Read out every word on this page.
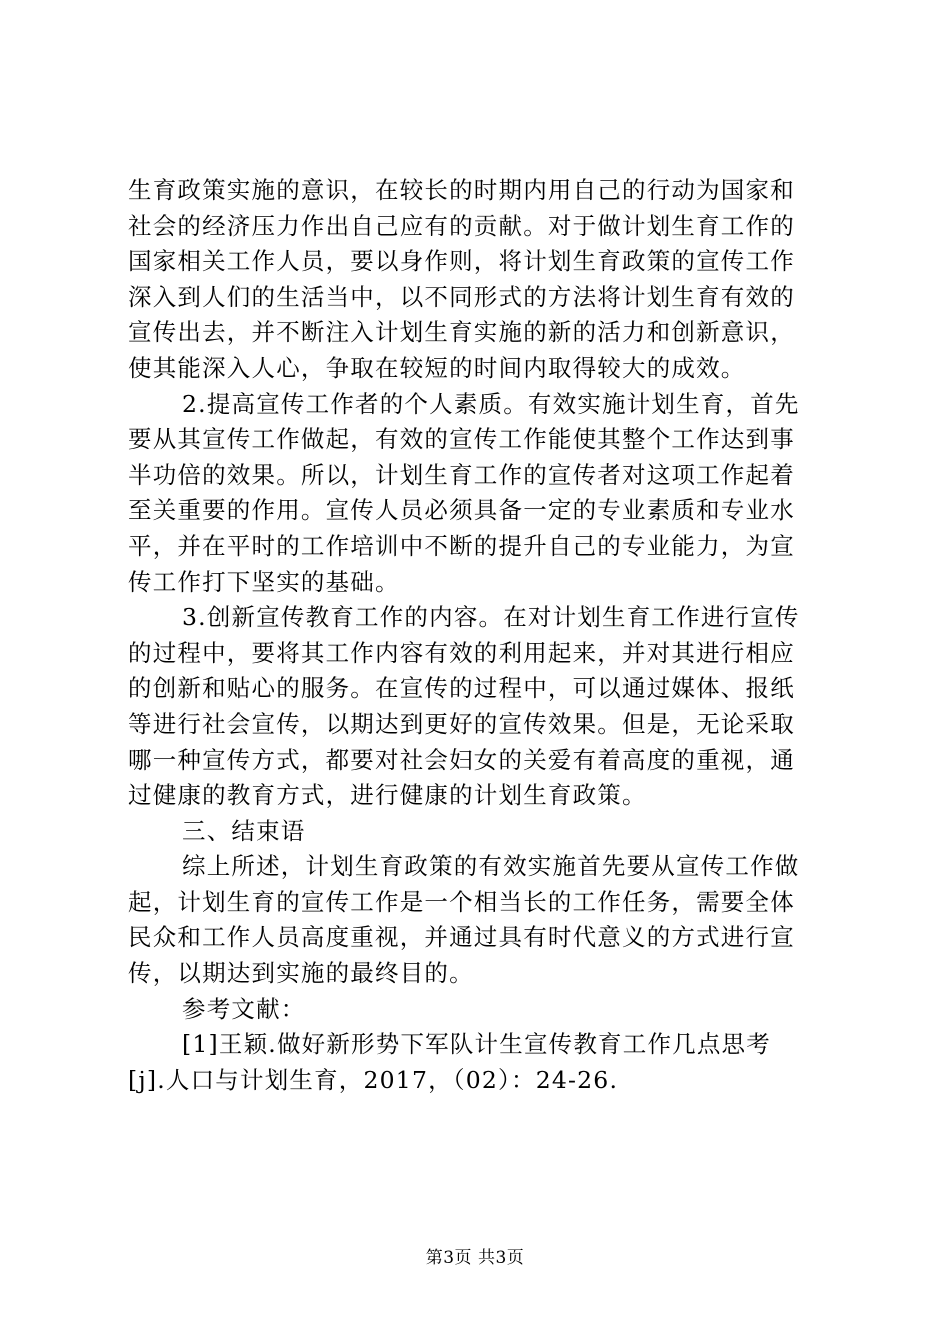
生育政策实施的意识，在较长的时期内用自己的行动为国家和
社会的经济压力作出自己应有的贡献。对于做计划生育工作的
国家相关工作人员，要以身作则，将计划生育政策的宣传工作
深入到人们的生活当中，以不同形式的方法将计划生育有效的
宣传出去，并不断注入计划生育实施的新的活力和创新意识，
使其能深入人心，争取在较短的时间内取得较大的成效。
2.提高宣传工作者的个人素质。有效实施计划生育，首先
要从其宣传工作做起，有效的宣传工作能使其整个工作达到事
半功倍的效果。所以，计划生育工作的宣传者对这项工作起着
至关重要的作用。宣传人员必须具备一定的专业素质和专业水
平，并在平时的工作培训中不断的提升自己的专业能力，为宣
传工作打下坚实的基础。
3.创新宣传教育工作的内容。在对计划生育工作进行宣传
的过程中，要将其工作内容有效的利用起来，并对其进行相应
的创新和贴心的服务。在宣传的过程中，可以通过媒体、报纸
等进行社会宣传，以期达到更好的宣传效果。但是，无论采取
哪一种宣传方式，都要对社会妇女的关爱有着高度的重视，通
过健康的教育方式，进行健康的计划生育政策。
三、结束语
综上所述，计划生育政策的有效实施首先要从宣传工作做
起，计划生育的宣传工作是一个相当长的工作任务，需要全体
民众和工作人员高度重视，并通过具有时代意义的方式进行宣
传，以期达到实施的最终目的。
参考文献：
[1]王颖.做好新形势下军队计生宣传教育工作几点思考
[j].人口与计划生育，2017，（02）：24-26.
第3页 共3页
